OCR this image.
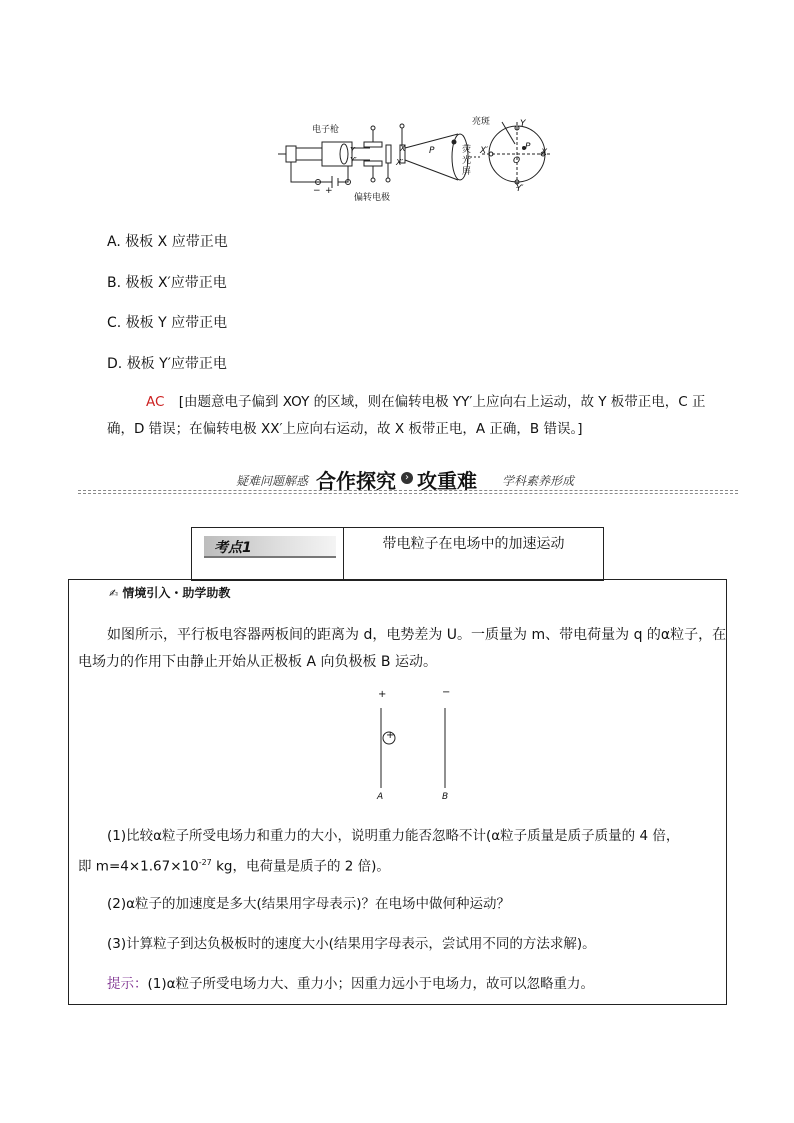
电子枪
亮斑
偏转电极
荧
光
屏
Y
Y′
X
X′	P
O
P
Y
Y′
X
X′
− +
A. 极板 X 应带正电
B. 极板 X′应带正电
C. 极板 Y 应带正电
D. 极板 Y′应带正电
AC [由题意电子偏到 XOY 的区域，则在偏转电极 YY′上应向右上运动，故 Y 板带正电，C 正
确，D 错误；在偏转电极 XX′上应向右运动，故 X 板带正电，A 正确，B 错误。]
疑难问题解惑 合作探究 › 攻重难 学科素养形成
考点1	带电粒子在电场中的加速运动
✍ 情境引入・助学助教
如图所示，平行板电容器两板间的距离为 d，电势差为 U。一质量为 m、带电荷量为 q 的α粒子，在
电场力的作用下由静止开始从正极板 A 向负极板 B 运动。
+	−
+
A	B
(1)比较α粒子所受电场力和重力的大小，说明重力能否忽略不计(α粒子质量是质子质量的 4 倍，
即 $m=4\times 1.67\times 10^{-27}$ kg，电荷量是质子的 2 倍)。
(2)α粒子的加速度是多大(结果用字母表示)？在电场中做何种运动？
(3)计算粒子到达负极板时的速度大小(结果用字母表示，尝试用不同的方法求解)。
提示：(1)α粒子所受电场力大、重力小；因重力远小于电场力，故可以忽略重力。
